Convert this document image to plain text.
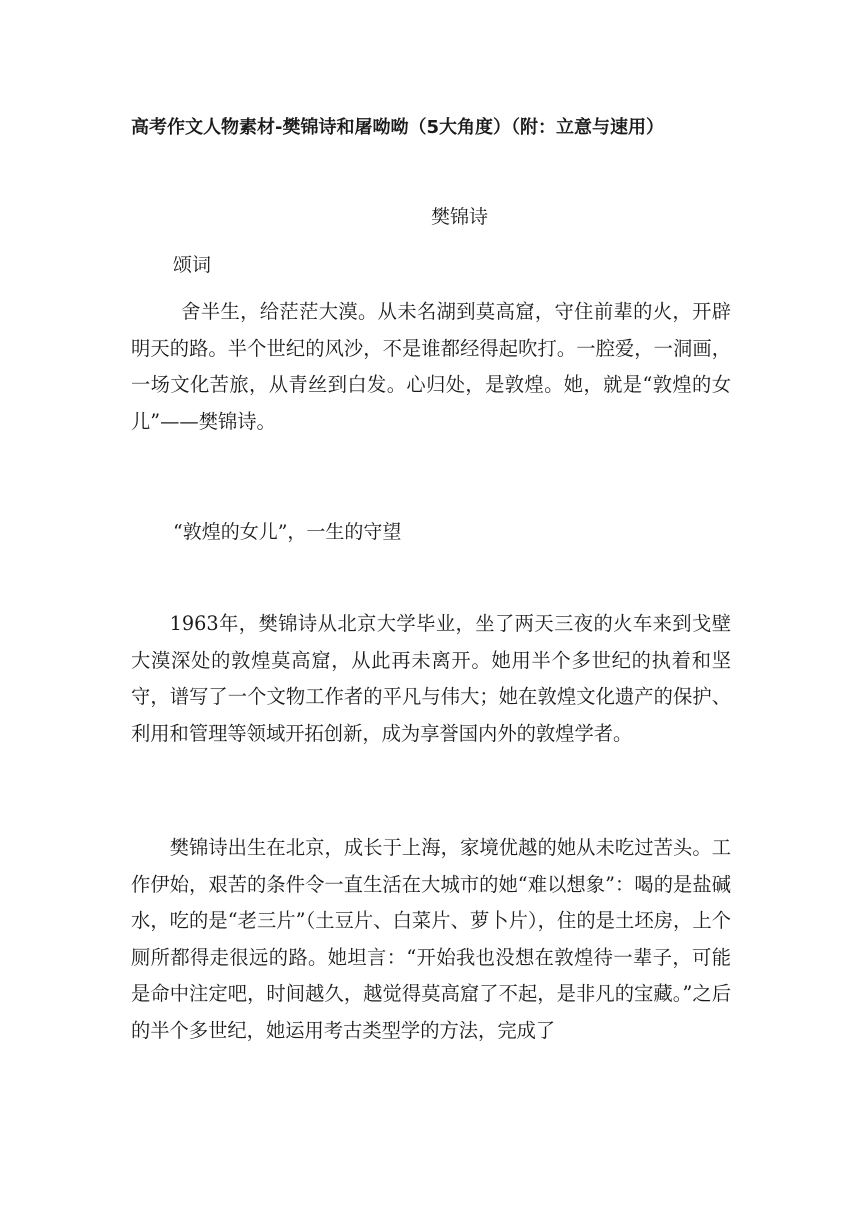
高考作文人物素材-樊锦诗和屠呦呦（5大角度）（附：立意与速用）
樊锦诗
颂词

舍半生，给茫茫大漠。从未名湖到莫高窟，守住前辈的火，开辟明天的路。半个世纪的风沙，不是谁都经得起吹打。一腔爱，一洞画，一场文化苦旅，从青丝到白发。心归处，是敦煌。她，就是“敦煌的女儿”——樊锦诗。

“敦煌的女儿”，一生的守望

1963年，樊锦诗从北京大学毕业，坐了两天三夜的火车来到戈壁大漠深处的敦煌莫高窟，从此再未离开。她用半个多世纪的执着和坚守，谱写了一个文物工作者的平凡与伟大；她在敦煌文化遗产的保护、利用和管理等领域开拓创新，成为享誉国内外的敦煌学者。

樊锦诗出生在北京，成长于上海，家境优越的她从未吃过苦头。工作伊始，艰苦的条件令一直生活在大城市的她“难以想象”：喝的是盐碱水，吃的是“老三片”（土豆片、白菜片、萝卜片），住的是土坯房，上个厕所都得走很远的路。她坦言：“开始我也没想在敦煌待一辈子，可能是命中注定吧，时间越久，越觉得莫高窟了不起，是非凡的宝藏。”之后的半个多世纪，她运用考古类型学的方法，完成了
